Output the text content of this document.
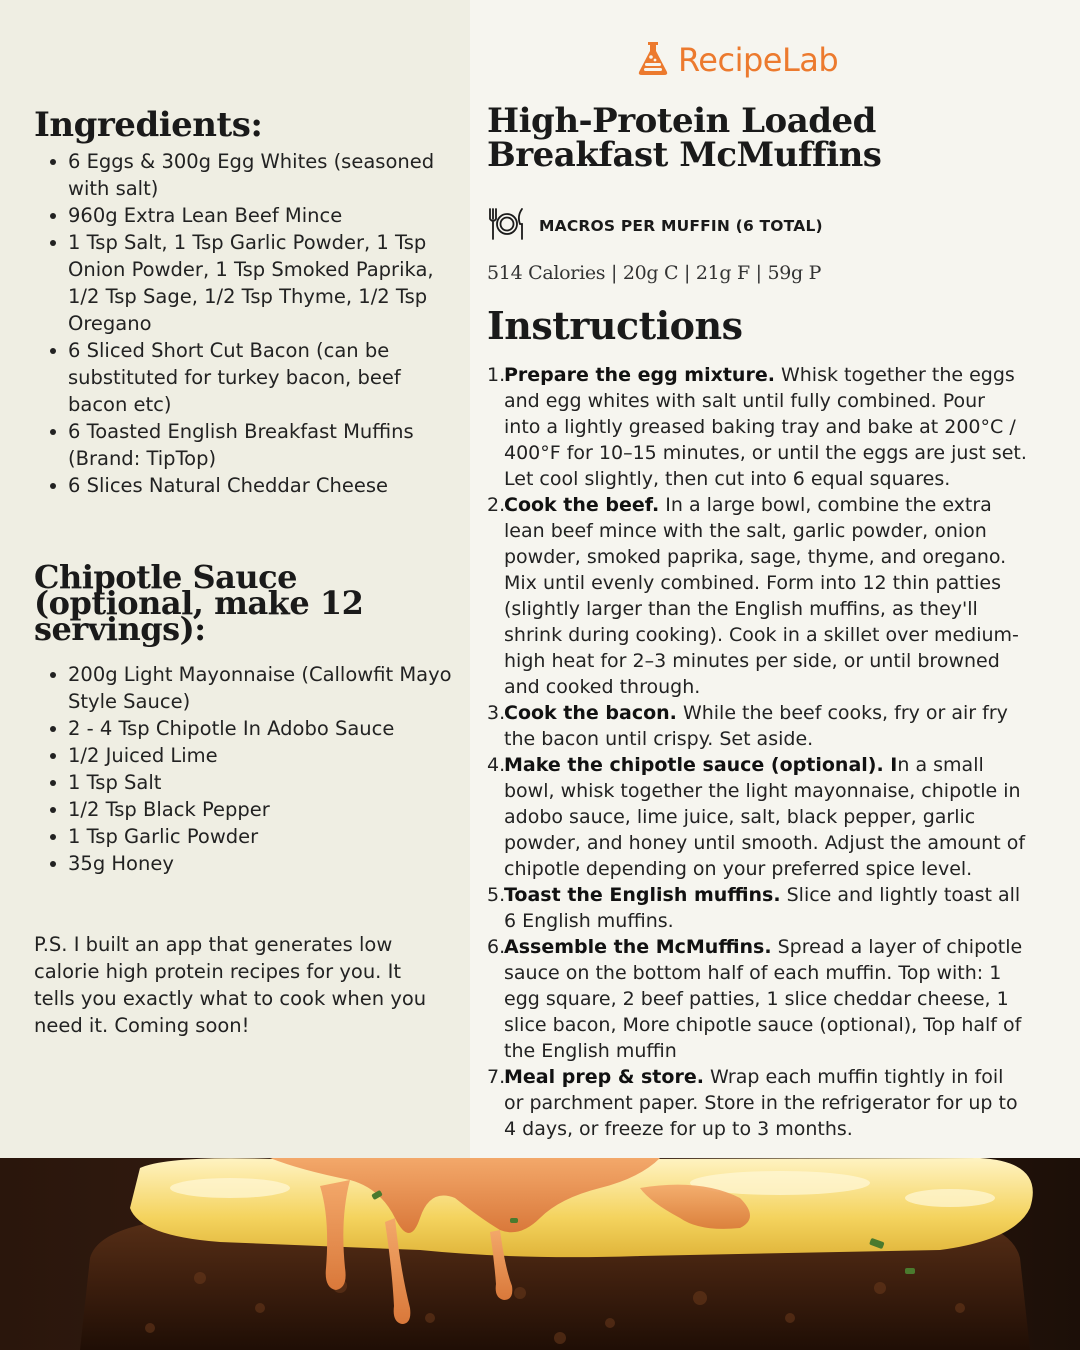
Ingredients:
6 Eggs & 300g Egg Whites (seasoned with salt)
960g Extra Lean Beef Mince
1 Tsp Salt, 1 Tsp Garlic Powder, 1 Tsp Onion Powder, 1 Tsp Smoked Paprika, 1/2 Tsp Sage, 1/2 Tsp Thyme, 1/2 Tsp Oregano
6 Sliced Short Cut Bacon (can be substituted for turkey bacon, beef bacon etc)
6 Toasted English Breakfast Muffins (Brand: TipTop)
6 Slices Natural Cheddar Cheese
Chipotle Sauce (optional, make 12 servings):
200g Light Mayonnaise (Callowfit Mayo Style Sauce)
2 - 4 Tsp Chipotle In Adobo Sauce
1/2 Juiced Lime
1 Tsp Salt
1/2 Tsp Black Pepper
1 Tsp Garlic Powder
35g Honey

P.S. I built an app that generates low calorie high protein recipes for you. It tells you exactly what to cook when you need it. Coming soon!

RecipeLab
High-Protein Loaded Breakfast McMuffins
MACROS PER MUFFIN (6 TOTAL)

514 Calories | 20g C | 21g F | 59g P

Instructions
1.
Prepare the egg mixture. Whisk together the eggs and egg whites with salt until fully combined. Pour into a lightly greased baking tray and bake at 200°C / 400°F for 10–15 minutes, or until the eggs are just set. Let cool slightly, then cut into 6 equal squares.
2.
Cook the beef. In a large bowl, combine the extra lean beef mince with the salt, garlic powder, onion powder, smoked paprika, sage, thyme, and oregano. Mix until evenly combined. Form into 12 thin patties (slightly larger than the English muffins, as they'll shrink during cooking). Cook in a skillet over medium-high heat for 2–3 minutes per side, or until browned and cooked through.
3.
Cook the bacon. While the beef cooks, fry or air fry the bacon until crispy. Set aside.
4.
Make the chipotle sauce (optional). In a small bowl, whisk together the light mayonnaise, chipotle in adobo sauce, lime juice, salt, black pepper, garlic powder, and honey until smooth. Adjust the amount of chipotle depending on your preferred spice level.
5.
Toast the English muffins. Slice and lightly toast all 6 English muffins.
6.
Assemble the McMuffins. Spread a layer of chipotle sauce on the bottom half of each muffin. Top with: 1 egg square, 2 beef patties, 1 slice cheddar cheese, 1 slice bacon, More chipotle sauce (optional), Top half of the English muffin
7.
Meal prep & store. Wrap each muffin tightly in foil or parchment paper. Store in the refrigerator for up to 4 days, or freeze for up to 3 months.
